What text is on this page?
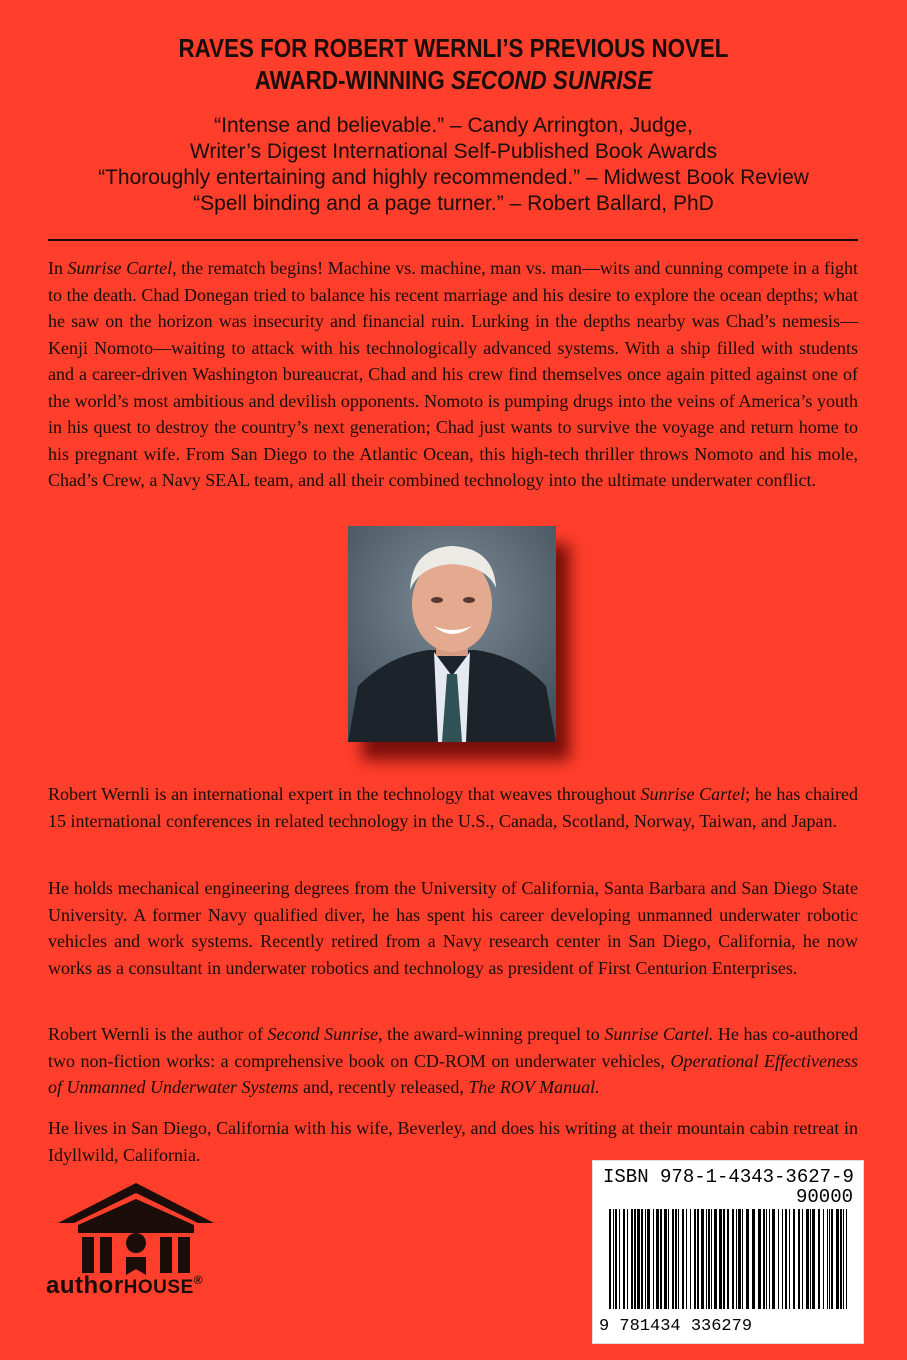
RAVES FOR ROBERT WERNLI’S PREVIOUS NOVEL
AWARD-WINNING SECOND SUNRISE
“Intense and believable.” – Candy Arrington, Judge,
Writer’s Digest International Self-Published Book Awards
“Thoroughly entertaining and highly recommended.” – Midwest Book Review
“Spell binding and a page turner.” – Robert Ballard, PhD

In Sunrise Cartel, the rematch begins! Machine vs. machine, man vs. man—wits and cunning compete in a fight to the death. Chad Donegan tried to balance his recent marriage and his desire to explore the ocean depths; what he saw on the horizon was insecurity and financial ruin. Lurking in the depths nearby was Chad’s nemesis—Kenji Nomoto—waiting to attack with his technologically advanced systems. With a ship filled with students and a career-driven Washington bureaucrat, Chad and his crew find themselves once again pitted against one of the world’s most ambitious and devilish opponents. Nomoto is pumping drugs into the veins of America’s youth in his quest to destroy the country’s next generation; Chad just wants to survive the voyage and return home to his pregnant wife. From San Diego to the Atlantic Ocean, this high-tech thriller throws Nomoto and his mole, Chad’s Crew, a Navy SEAL team, and all their combined technology into the ultimate underwater conflict.

Robert Wernli is an international expert in the technology that weaves throughout Sunrise Cartel; he has chaired 15 international conferences in related technology in the U.S., Canada, Scotland, Norway, Taiwan, and Japan.

He holds mechanical engineering degrees from the University of California, Santa Barbara and San Diego State University. A former Navy qualified diver, he has spent his career developing unmanned underwater robotic vehicles and work systems. Recently retired from a Navy research center in San Diego, California, he now works as a consultant in underwater robotics and technology as president of First Centurion Enterprises.

Robert Wernli is the author of Second Sunrise, the award-winning prequel to Sunrise Cartel. He has co-authored two non-fiction works: a comprehensive book on CD-ROM on underwater vehicles, Operational Effectiveness of Unmanned Underwater Systems and, recently released, The ROV Manual.

He lives in San Diego, California with his wife, Beverley, and does his writing at their mountain cabin retreat in Idyllwild, California.

authorHOUSE®
ISBN 978-1-4343-3627-9
90000
9 781434 336279
